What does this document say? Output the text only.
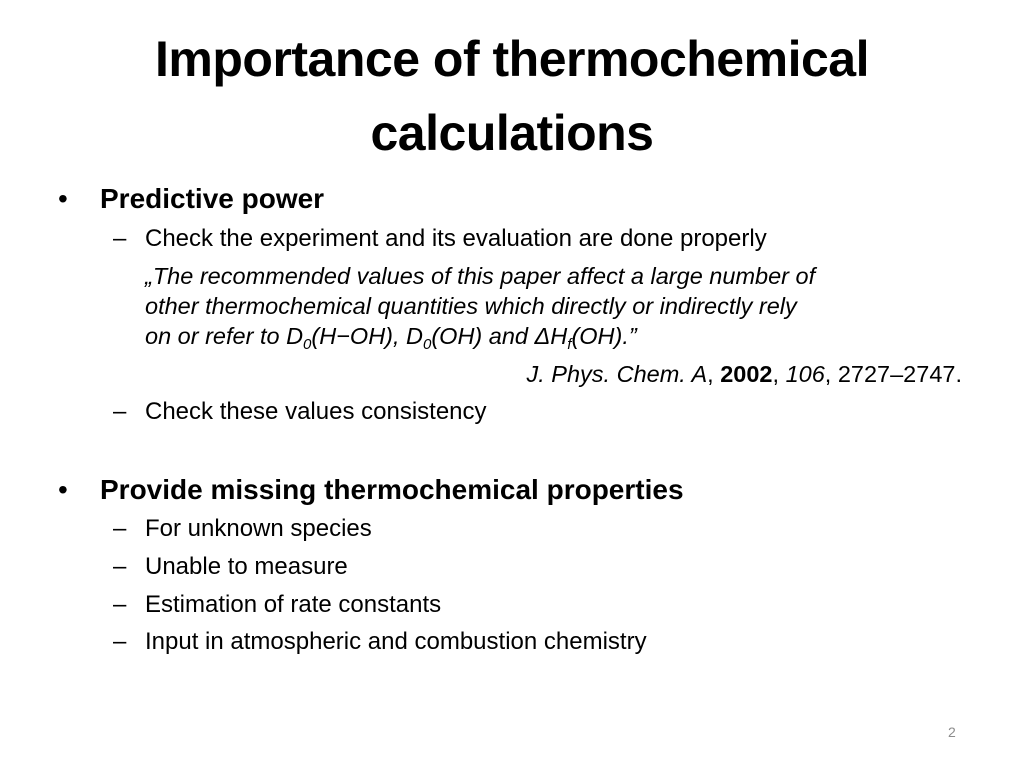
Importance of thermochemical
calculations
• Predictive power
– Check the experiment and its evaluation are done properly
„The recommended values of this paper affect a large number of
other thermochemical quantities which directly or indirectly rely
on or refer to $D_0(H-OH)$, $D_0(OH)$ and $\Delta H_f(OH)$.”
J. Phys. Chem. A, 2002, 106, 2727–2747.
– Check these values consistency
• Provide missing thermochemical properties
– For unknown species
– Unable to measure
– Estimation of rate constants
– Input in atmospheric and combustion chemistry
2
